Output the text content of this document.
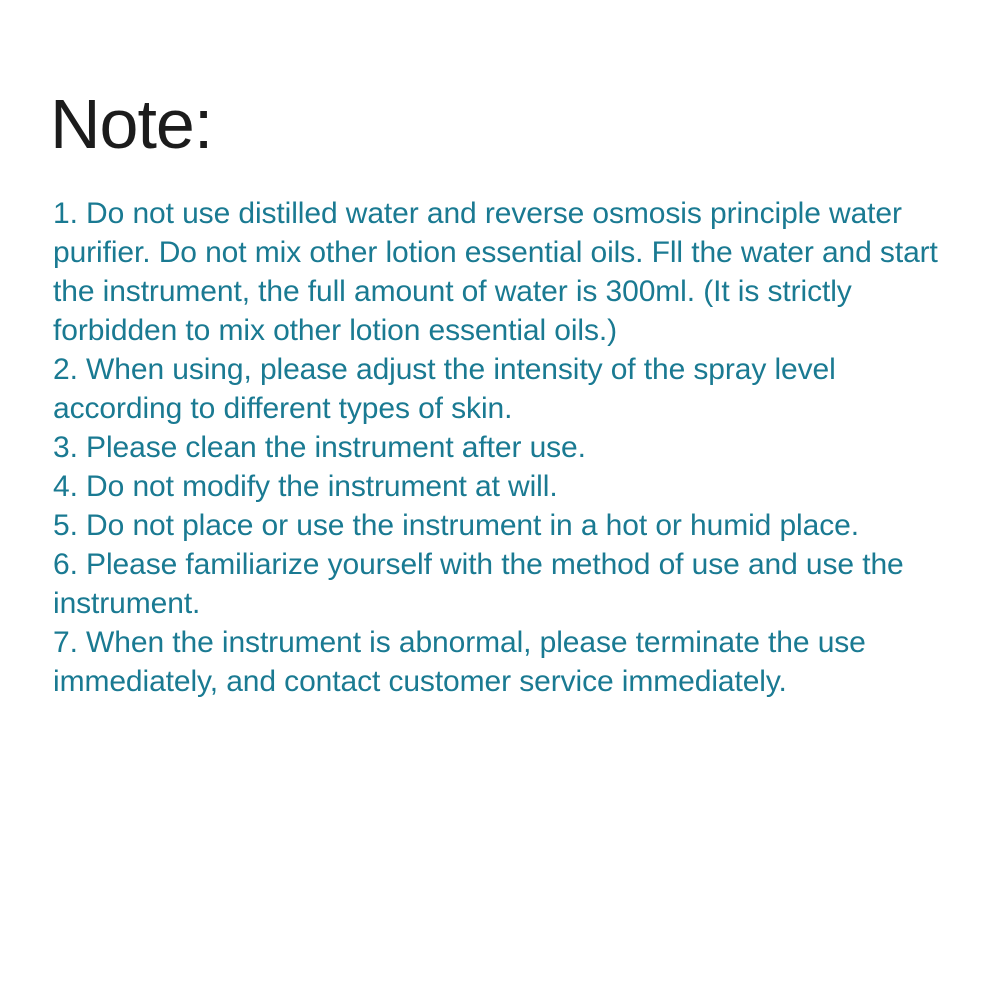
Note:
1. Do not use distilled water and reverse osmosis principle water purifier. Do not mix other lotion essential oils. Fll the water and start the instrument, the full amount of water is 300ml. (It is strictly forbidden to mix other lotion essential oils.)
2. When using, please adjust the intensity of the spray level according to different types of skin.
3. Please clean the instrument after use.
4. Do not modify the instrument at will.
5. Do not place or use the instrument in a hot or humid place.
6. Please familiarize yourself with the method of use and use the instrument.
7. When the instrument is abnormal, please terminate the use immediately, and contact customer service immediately.
